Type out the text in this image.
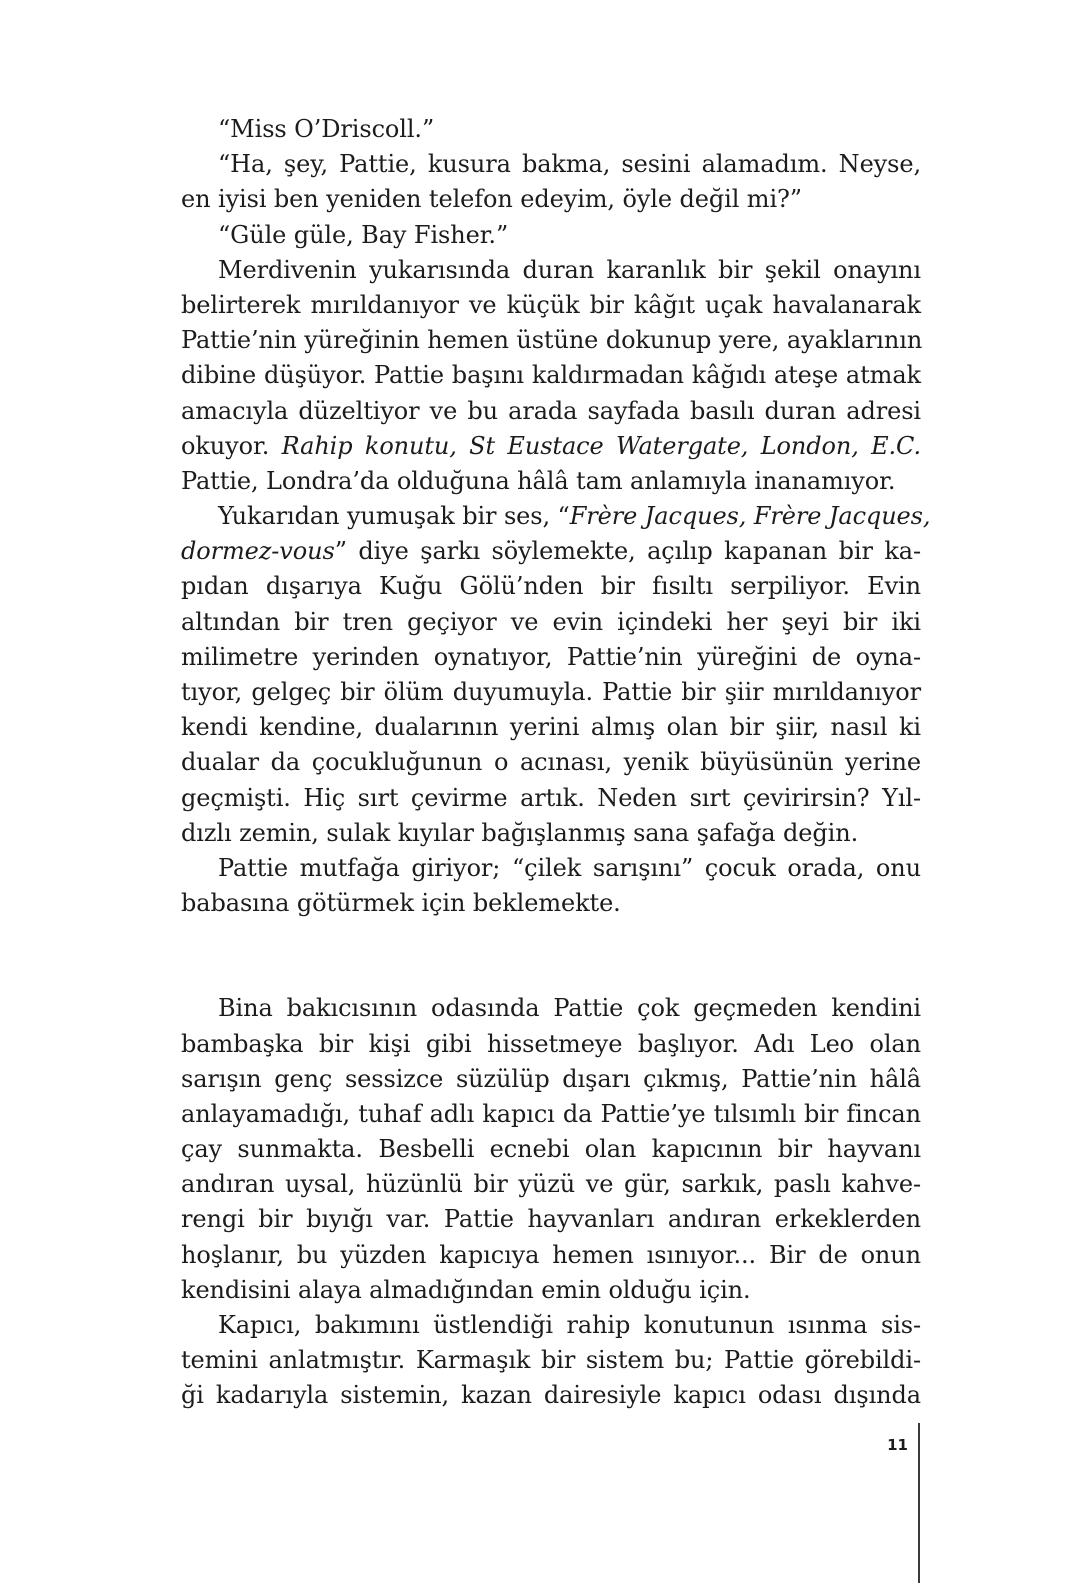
“Miss O’Driscoll.”
“Ha, şey, Pattie, kusura bakma, sesini alamadım. Neyse,
en iyisi ben yeniden telefon edeyim, öyle değil mi?”
“Güle güle, Bay Fisher.”
Merdivenin yukarısında duran karanlık bir şekil onayını
belirterek mırıldanıyor ve küçük bir kâğıt uçak havalanarak
Pattie’nin yüreğinin hemen üstüne dokunup yere, ayaklarının
dibine düşüyor. Pattie başını kaldırmadan kâğıdı ateşe atmak
amacıyla düzeltiyor ve bu arada sayfada basılı duran adresi
okuyor. Rahip konutu, St Eustace Watergate, London, E.C.
Pattie, Londra’da olduğuna hâlâ tam anlamıyla inanamıyor.
Yukarıdan yumuşak bir ses, “Frère Jacques, Frère Jacques,
dormez-vous” diye şarkı söylemekte, açılıp kapanan bir ka-
pıdan dışarıya Kuğu Gölü’nden bir fısıltı serpiliyor. Evin
altından bir tren geçiyor ve evin içindeki her şeyi bir iki
milimetre yerinden oynatıyor, Pattie’nin yüreğini de oyna-
tıyor, gelgeç bir ölüm duyumuyla. Pattie bir şiir mırıldanıyor
kendi kendine, dualarının yerini almış olan bir şiir, nasıl ki
dualar da çocukluğunun o acınası, yenik büyüsünün yerine
geçmişti. Hiç sırt çevirme artık. Neden sırt çevirirsin? Yıl-
dızlı zemin, sulak kıyılar bağışlanmış sana şafağa değin.
Pattie mutfağa giriyor; “çilek sarışını” çocuk orada, onu
babasına götürmek için beklemekte.
Bina bakıcısının odasında Pattie çok geçmeden kendini
bambaşka bir kişi gibi hissetmeye başlıyor. Adı Leo olan
sarışın genç sessizce süzülüp dışarı çıkmış, Pattie’nin hâlâ
anlayamadığı, tuhaf adlı kapıcı da Pattie’ye tılsımlı bir fincan
çay sunmakta. Besbelli ecnebi olan kapıcının bir hayvanı
andıran uysal, hüzünlü bir yüzü ve gür, sarkık, paslı kahve-
rengi bir bıyığı var. Pattie hayvanları andıran erkeklerden
hoşlanır, bu yüzden kapıcıya hemen ısınıyor... Bir de onun
kendisini alaya almadığından emin olduğu için.
Kapıcı, bakımını üstlendiği rahip konutunun ısınma sis-
temini anlatmıştır. Karmaşık bir sistem bu; Pattie görebildi-
ği kadarıyla sistemin, kazan dairesiyle kapıcı odası dışında
11
